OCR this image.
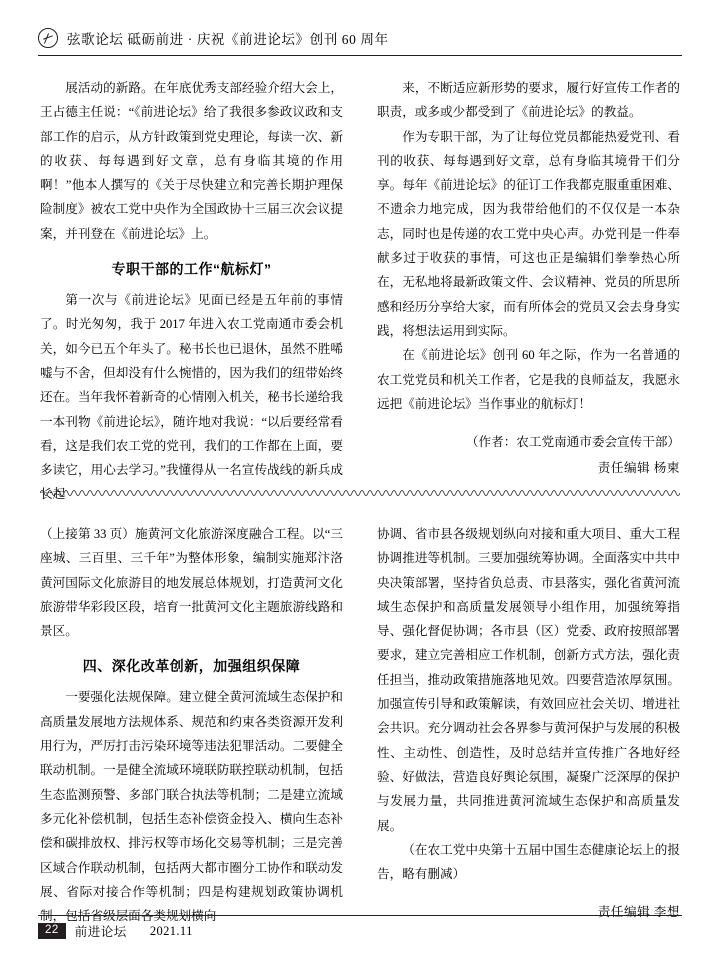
弦歌论坛 砥砺前进 · 庆祝《前进论坛》创刊 60 周年

展活动的新路。在年底优秀支部经验介绍大会上，王占德主任说：“《前进论坛》给了我很多参政议政和支部工作的启示，从方针政策到党史理论，每读一次、新的收获、每每遇到好文章，总有身临其境的作用啊！”他本人撰写的《关于尽快建立和完善长期护理保险制度》被农工党中央作为全国政协十三届三次会议提案，并刊登在《前进论坛》上。

专职干部的工作“航标灯”

第一次与《前进论坛》见面已经是五年前的事情了。时光匆匆，我于 2017 年进入农工党南通市委会机关，如今已五个年头了。秘书长也已退休，虽然不胜唏嘘与不舍，但却没有什么惋惜的，因为我们的纽带始终还在。当年我怀着新奇的心情刚入机关，秘书长递给我一本刊物《前进论坛》，随许地对我说：“以后要经常看看，这是我们农工党的党刊，我们的工作都在上面，要多读它，用心去学习。”我懂得从一名宣传战线的新兵成长起

来，不断适应新形势的要求，履行好宣传工作者的职责，或多或少都受到了《前进论坛》的教益。

作为专职干部，为了让每位党员都能热爱党刊、看刊的收获、每每遇到好文章，总有身临其境骨干们分享。每年《前进论坛》的征订工作我都克服重重困难、不遗余力地完成，因为我带给他们的不仅仅是一本杂志，同时也是传递的农工党中央心声。办党刊是一件奉献多过于收获的事情，可这也正是编辑们拳拳热心所在，无私地将最新政策文件、会议精神、党员的所思所感和经历分享给大家，而有所体会的党员又会去身身实践，将想法运用到实际。

在《前进论坛》创刊 60 年之际，作为一名普通的农工党党员和机关工作者，它是我的良师益友，我愿永远把《前进论坛》当作事业的航标灯！

（作者：农工党南通市委会宣传干部）
责任编辑 杨柬

（上接第 33 页）施黄河文化旅游深度融合工程。以“三座城、三百里、三千年”为整体形象，编制实施郑汴洛黄河国际文化旅游目的地发展总体规划，打造黄河文化旅游带华彩段区段，培育一批黄河文化主题旅游线路和景区。

四、深化改革创新，加强组织保障

一要强化法规保障。建立健全黄河流域生态保护和高质量发展地方法规体系、规范和约束各类资源开发利用行为，严厉打击污染环境等违法犯罪活动。二要健全联动机制。一是健全流域环境联防联控联动机制，包括生态监测预警、多部门联合执法等机制；二是建立流域多元化补偿机制，包括生态补偿资金投入、横向生态补偿和碳排放权、排污权等市场化交易等机制；三是完善区域合作联动机制，包括两大都市圈分工协作和联动发展、省际对接合作等机制；四是构建规划政策协调机制，包括省级层面各类规划横向

协调、省市县各级规划纵向对接和重大项目、重大工程协调推进等机制。三要加强统筹协调。全面落实中共中央决策部署，坚持省负总责、市县落实，强化省黄河流域生态保护和高质量发展领导小组作用，加强统筹指导、强化督促协调；各市县（区）党委、政府按照部署要求，建立完善相应工作机制，创新方式方法，强化责任担当，推动政策措施落地见效。四要营造浓厚氛围。加强宣传引导和政策解读，有效回应社会关切、增进社会共识。充分调动社会各界参与黄河保护与发展的积极性、主动性、创造性，及时总结并宣传推广各地好经验、好做法，营造良好舆论氛围，凝聚广泛深厚的保护与发展力量，共同推进黄河流域生态保护和高质量发展。

（在农工党中央第十五届中国生态健康论坛上的报告，略有删减）

责任编辑 李想
22	前进论坛 2021.11
